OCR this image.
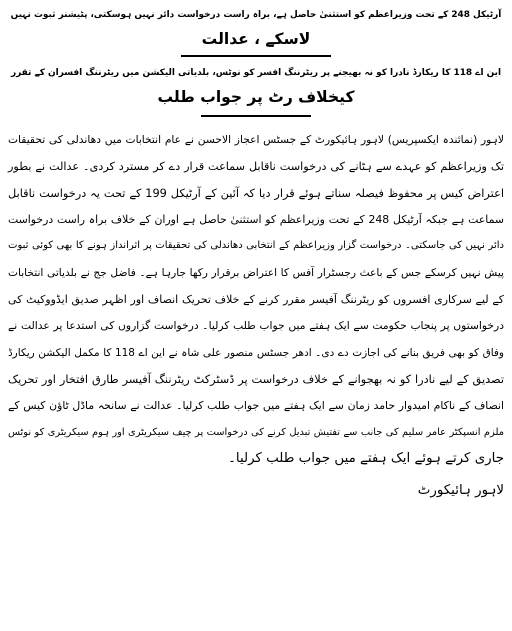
آرٹیکل 248 کے تحت وزیراعظم کو استثنیٰ حاصل ہے، براہ راست درخواست دائر نہیں ہوسکتی، پٹیشنر ثبوت نہیں
لاسکے ، عدالت
این اے 118 کا ریکارڈ نادرا کو نہ بھیجنے پر ریٹرننگ افسر کو نوٹس، بلدیاتی الیکشن میں ریٹرننگ افسران کے تقرر
کیخلاف رٹ پر جواب طلب
لاہور (نمائندہ ایکسپریس) لاہور ہائیکورٹ کے جسٹس اعجاز الاحسن نے عام انتخابات میں دھاندلی کی تحقیقات
تک وزیراعظم کو عہدے سے ہٹانے کی درخواست ناقابل سماعت قرار دے کر مسترد کردی۔ عدالت نے بطور
اعتراض کیس پر محفوظ فیصلہ سناتے ہوئے قرار دیا کہ آئین کے آرٹیکل 199 کے تحت یہ درخواست ناقابل
سماعت ہے جبکہ آرٹیکل 248 کے تحت وزیراعظم کو استثنیٰ حاصل ہے اوران کے خلاف براہ راست درخواست
دائر نہیں کی جاسکتی۔ درخواست گزار وزیراعظم کے انتخابی دھاندلی کی تحقیقات پر اثرانداز ہونے کا بھی کوئی ثبوت
پیش نہیں کرسکے جس کے باعث رجسٹرار آفس کا اعتراض برقرار رکھا جارہا ہے۔ فاضل جج نے بلدیاتی انتخابات
کے لیے سرکاری افسروں کو ریٹرننگ آفیسر مقرر کرنے کے خلاف تحریک انصاف اور اظہر صدیق ایڈووکیٹ کی
درخواستوں پر پنجاب حکومت سے ایک ہفتے میں جواب طلب کرلیا۔ درخواست گزاروں کی استدعا پر عدالت نے
وفاق کو بھی فریق بنانے کی اجازت دے دی۔ ادھر جسٹس منصور علی شاہ نے این اے 118 کا مکمل الیکشن ریکارڈ
تصدیق کے لیے نادرا کو نہ بھجوانے کے خلاف درخواست پر ڈسٹرکٹ ریٹرننگ آفیسر طارق افتخار اور تحریک
انصاف کے ناکام امیدوار حامد زمان سے ایک ہفتے میں جواب طلب کرلیا۔ عدالت نے سانحہ ماڈل ٹاؤن کیس کے
ملزم انسپکٹر عامر سلیم کی جانب سے تفتیش تبدیل کرنے کی درخواست پر چیف سیکریٹری اور ہوم سیکریٹری کو نوٹس
جاری کرتے ہوئے ایک ہفتے میں جواب طلب کرلیا۔
لاہور ہائیکورٹ
